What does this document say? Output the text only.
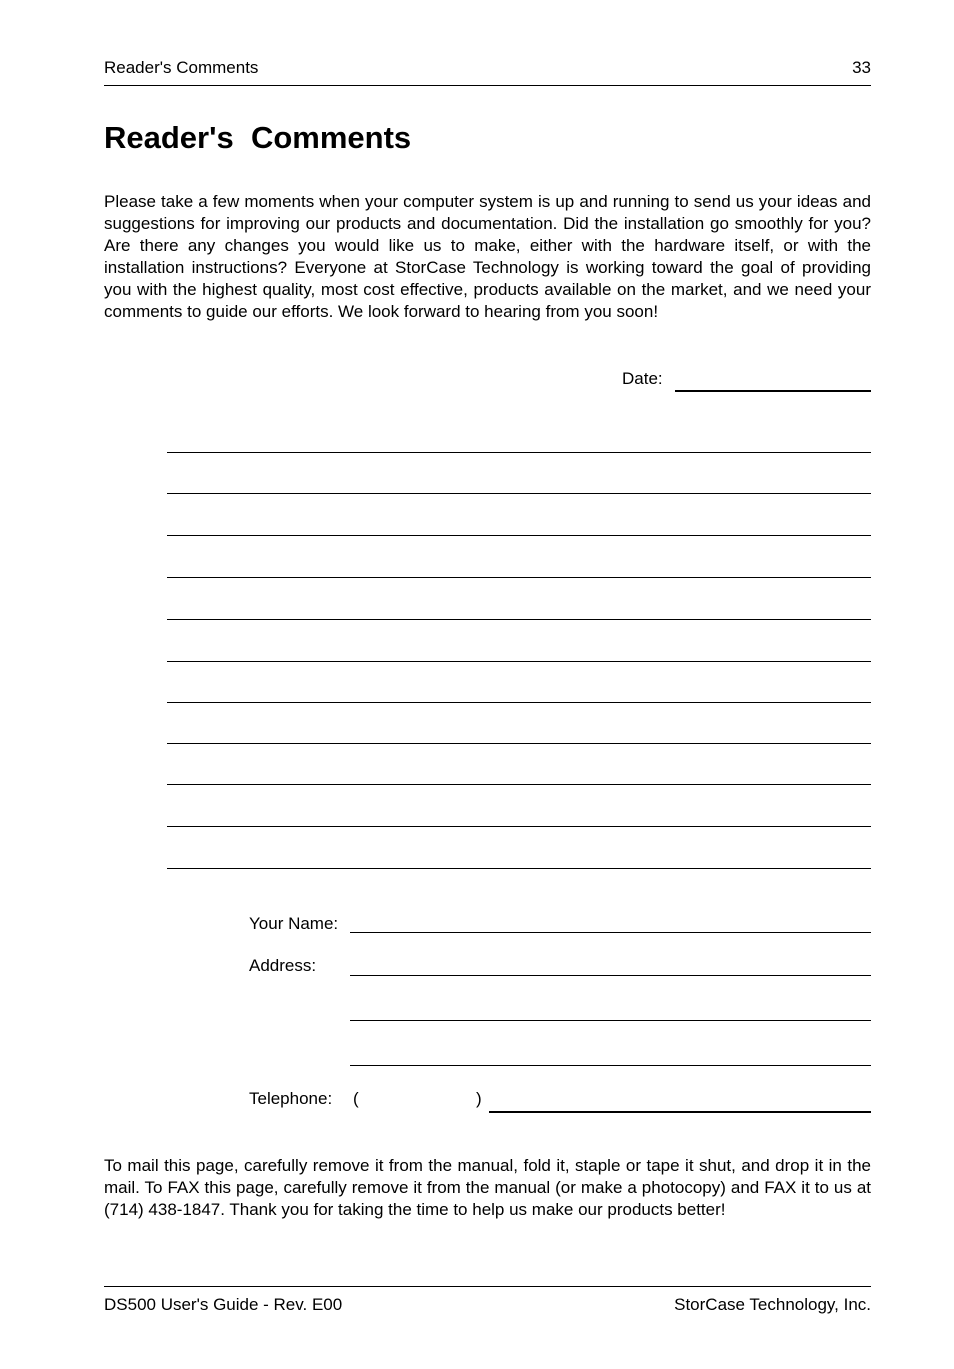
Reader's Comments	33
Reader's  Comments

Please take a few moments when your computer system is up and running to send us your ideas and suggestions for improving our products and documentation. Did the installation go smoothly for you? Are there any changes you would like us to make, either with the hardware itself, or with the installation instructions? Everyone at StorCase Technology is working toward the goal of providing you with the highest quality, most cost effective, products available on the market, and we need your comments to guide our efforts. We look forward to hearing from you soon!

Date:
Your Name:
Address:
Telephone: (	)

To mail this page, carefully remove it from the manual, fold it, staple or tape it shut, and drop it in the mail. To FAX this page, carefully remove it from the manual (or make a photocopy) and FAX it to us at (714) 438-1847. Thank you for taking the time to help us make our products better!

DS500 User's Guide - Rev. E00	StorCase Technology, Inc.
